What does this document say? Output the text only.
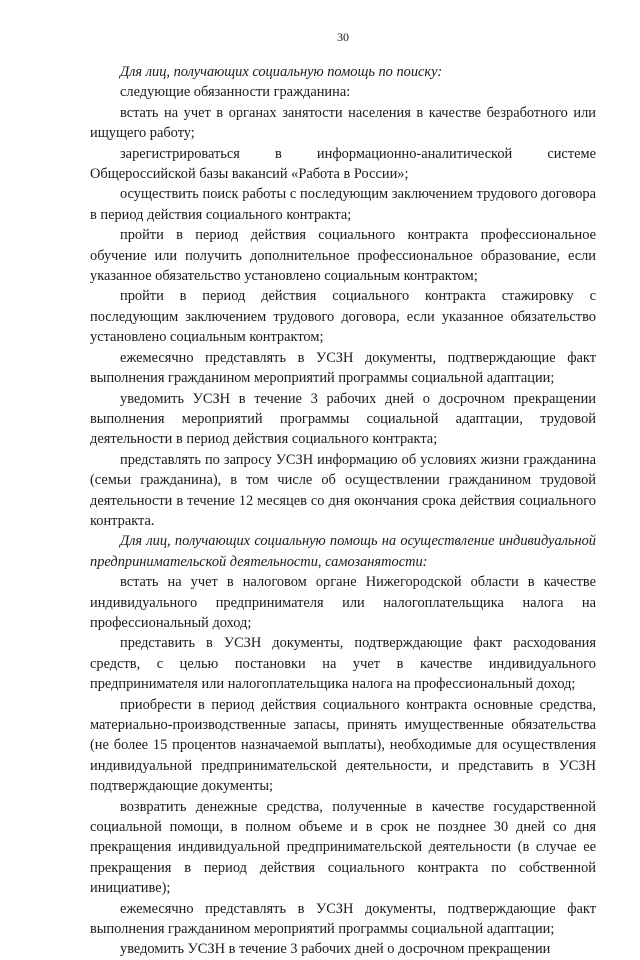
30

Для лиц, получающих социальную помощь по поиску:

следующие обязанности гражданина:

встать на учет в органах занятости населения в качестве безработного или ищущего работу;

зарегистрироваться в информационно-аналитической системе Общероссийской базы вакансий «Работа в России»;

осуществить поиск работы с последующим заключением трудового договора в период действия социального контракта;

пройти в период действия социального контракта профессиональное обучение или получить дополнительное профессиональное образование, если указанное обязательство установлено социальным контрактом;

пройти в период действия социального контракта стажировку с последующим заключением трудового договора, если указанное обязательство установлено социальным контрактом;

ежемесячно представлять в УСЗН документы, подтверждающие факт выполнения гражданином мероприятий программы социальной адаптации;

уведомить УСЗН в течение 3 рабочих дней о досрочном прекращении выполнения мероприятий программы социальной адаптации, трудовой деятельности в период действия социального контракта;

представлять по запросу УСЗН информацию об условиях жизни гражданина (семьи гражданина), в том числе об осуществлении гражданином трудовой деятельности в течение 12 месяцев со дня окончания срока действия социального контракта.

Для лиц, получающих социальную помощь на осуществление индивидуальной предпринимательской деятельности, самозанятости:

встать на учет в налоговом органе Нижегородской области в качестве индивидуального предпринимателя или налогоплательщика налога на профессиональный доход;

представить в УСЗН документы, подтверждающие факт расходования средств, с целью постановки на учет в качестве индивидуального предпринимателя или налогоплательщика налога на профессиональный доход;

приобрести в период действия социального контракта основные средства, материально-производственные запасы, принять имущественные обязательства (не более 15 процентов назначаемой выплаты), необходимые для осуществления индивидуальной предпринимательской деятельности, и представить в УСЗН подтверждающие документы;

возвратить денежные средства, полученные в качестве государственной социальной помощи, в полном объеме и в срок не позднее 30 дней со дня прекращения индивидуальной предпринимательской деятельности (в случае ее прекращения в период действия социального контракта по собственной инициативе);

ежемесячно представлять в УСЗН документы, подтверждающие факт выполнения гражданином мероприятий программы социальной адаптации;

уведомить УСЗН в течение 3 рабочих дней о досрочном прекращении
